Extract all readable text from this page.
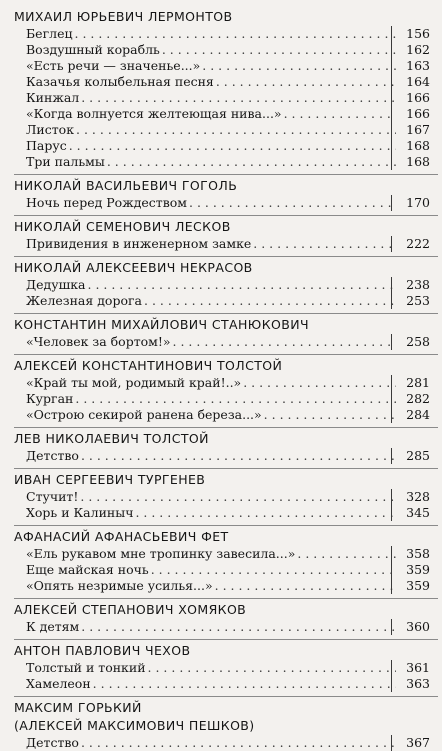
МИХАИЛ ЮРЬЕВИЧ ЛЕРМОНТОВ
Беглец . . .	156
Воздушный корабль . . .	162
«Есть речи — значенье...» . . .	163
Казачья колыбельная песня . . .	164
Кинжал . . .	166
«Когда волнуется желтеющая нива...» . . .	166
Листок . . .	167
Парус . . .	168
Три пальмы . . .	168
НИКОЛАЙ ВАСИЛЬЕВИЧ ГОГОЛЬ
Ночь перед Рождеством . . .	170
НИКОЛАЙ СЕМЕНОВИЧ ЛЕСКОВ
Привидения в инженерном замке . . .	222
НИКОЛАЙ АЛЕКСЕЕВИЧ НЕКРАСОВ
Дедушка . . .	238
Железная дорога . . .	253
КОНСТАНТИН МИХАЙЛОВИЧ СТАНЮКОВИЧ
«Человек за бортом!» . . .	258
АЛЕКСЕЙ КОНСТАНТИНОВИЧ ТОЛСТОЙ
«Край ты мой, родимый край!..» . . .	281
Курган . . .	282
«Острою секирой ранена береза...» . . .	284
ЛЕВ НИКОЛАЕВИЧ ТОЛСТОЙ
Детство . . .	285
ИВАН СЕРГЕЕВИЧ ТУРГЕНЕВ
Стучит! . . .	328
Хорь и Калиныч . . .	345
АФАНАСИЙ АФАНАСЬЕВИЧ ФЕТ
«Ель рукавом мне тропинку завесила...» . . .	358
Еще майская ночь . . .	359
«Опять незримые усилья...» . . .	359
АЛЕКСЕЙ СТЕПАНОВИЧ ХОМЯКОВ
К детям . . .	360
АНТОН ПАВЛОВИЧ ЧЕХОВ
Толстый и тонкий . . .	361
Хамелеон . . .	363
МАКСИМ ГОРЬКИЙ
(АЛЕКСЕЙ МАКСИМОВИЧ ПЕШКОВ)
Детство . . .	367
